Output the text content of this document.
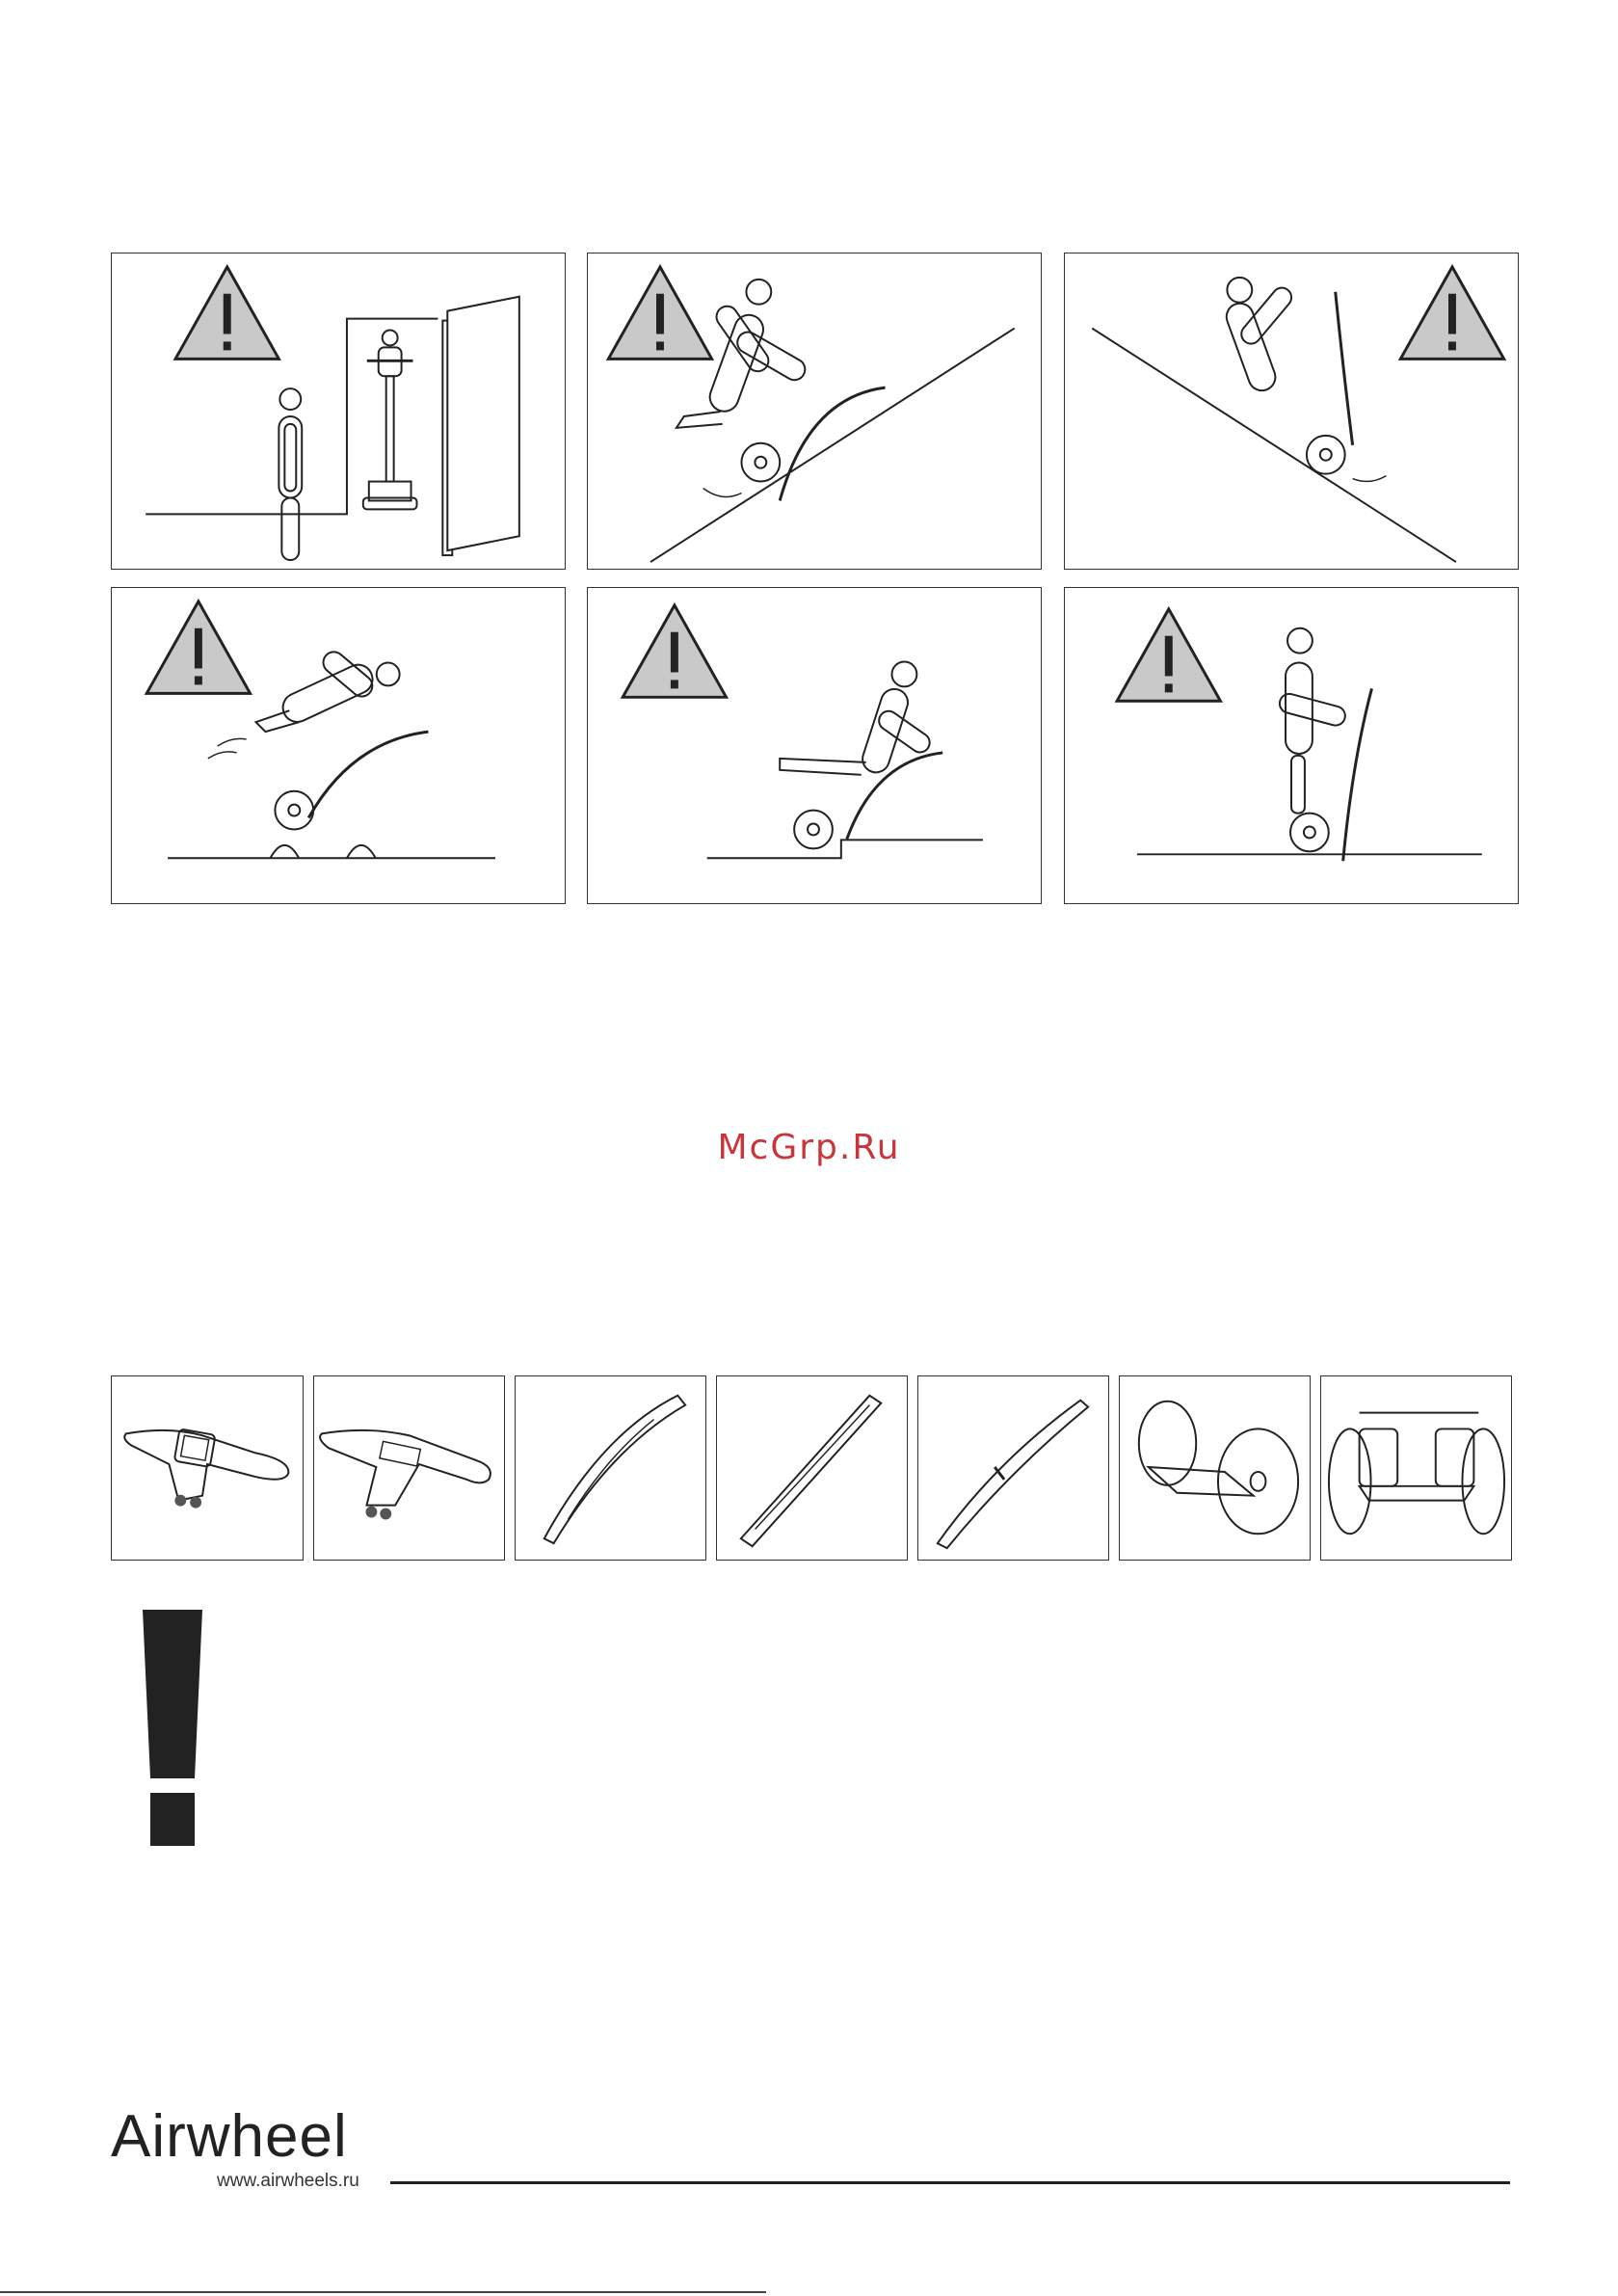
McGrp.Ru
Airwheel
www.airwheels.ru
